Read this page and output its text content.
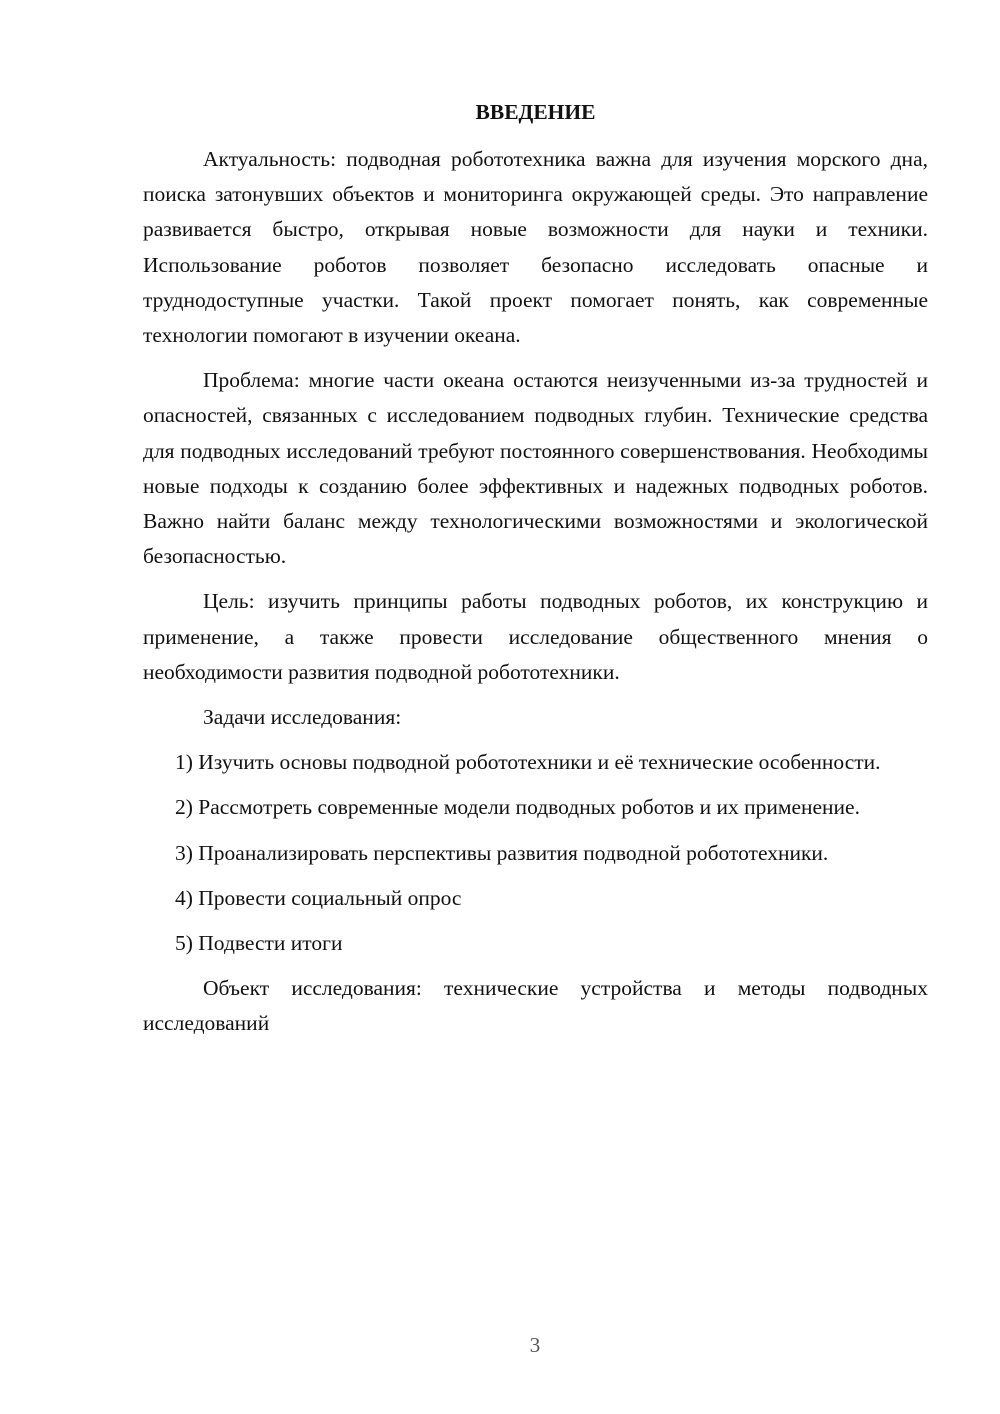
ВВЕДЕНИЕ

Актуальность: подводная робототехника важна для изучения морского дна, поиска затонувших объектов и мониторинга окружающей среды. Это направление развивается быстро, открывая новые возможности для науки и техники. Использование роботов позволяет безопасно исследовать опасные и труднодоступные участки. Такой проект помогает понять, как современные технологии помогают в изучении океана.

Проблема: многие части океана остаются неизученными из-за трудностей и опасностей, связанных с исследованием подводных глубин. Технические средства для подводных исследований требуют постоянного совершенствования. Необходимы новые подходы к созданию более эффективных и надежных подводных роботов. Важно найти баланс между технологическими возможностями и экологической безопасностью.

Цель: изучить принципы работы подводных роботов, их конструкцию и применение, а также провести исследование общественного мнения о необходимости развития подводной робототехники.

Задачи исследования:

1) Изучить основы подводной робототехники и её технические особенности.

2) Рассмотреть современные модели подводных роботов и их применение.

3) Проанализировать перспективы развития подводной робототехники.

4) Провести социальный опрос

5) Подвести итоги

Объект исследования: технические устройства и методы подводных исследований

3
